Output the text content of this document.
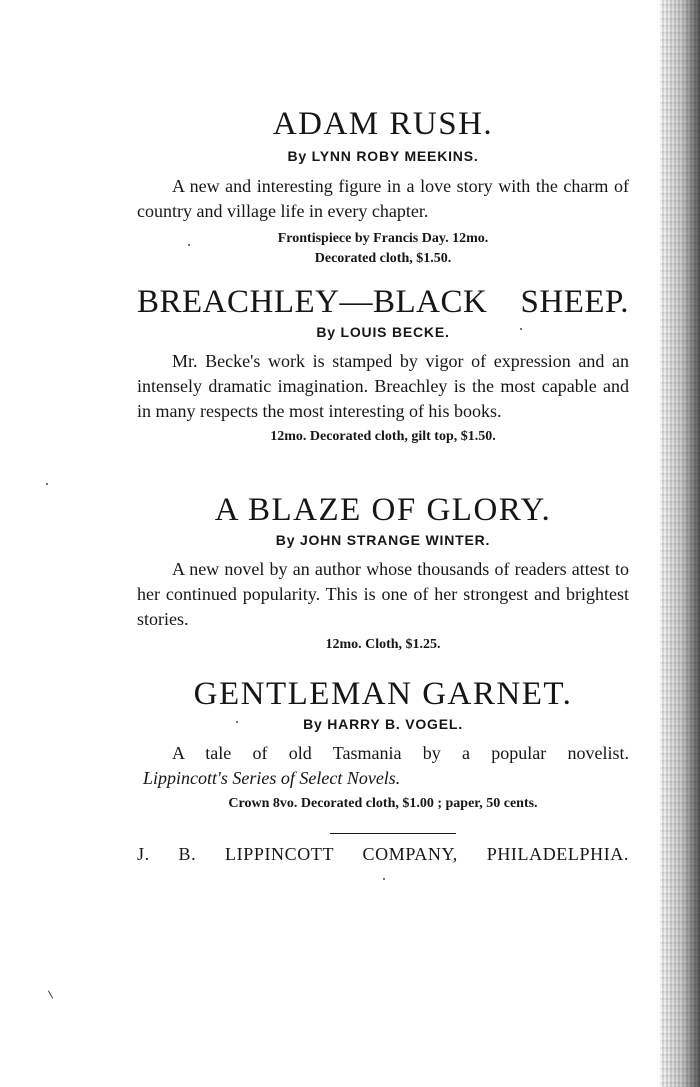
ADAM RUSH.

By LYNN ROBY MEEKINS.

A new and interesting figure in a love story with the charm of country and village life in every chapter.

Frontispiece by Francis Day. 12mo.

Decorated cloth, $1.50.

BREACHLEY—BLACK SHEEP.

By LOUIS BECKE.

Mr. Becke's work is stamped by vigor of expression and an intensely dramatic imagination. Breachley is the most capable and in many respects the most interesting of his books.

12mo. Decorated cloth, gilt top, $1.50.

A BLAZE OF GLORY.

By JOHN STRANGE WINTER.

A new novel by an author whose thousands of readers attest to her continued popularity. This is one of her strongest and brightest stories.

12mo. Cloth, $1.25.

GENTLEMAN GARNET.

By HARRY B. VOGEL.

A tale of old Tasmania by a popular novelist.

Lippincott's Series of Select Novels.

Crown 8vo. Decorated cloth, $1.00 ; paper, 50 cents.

J. B. LIPPINCOTT COMPANY, PHILADELPHIA.
